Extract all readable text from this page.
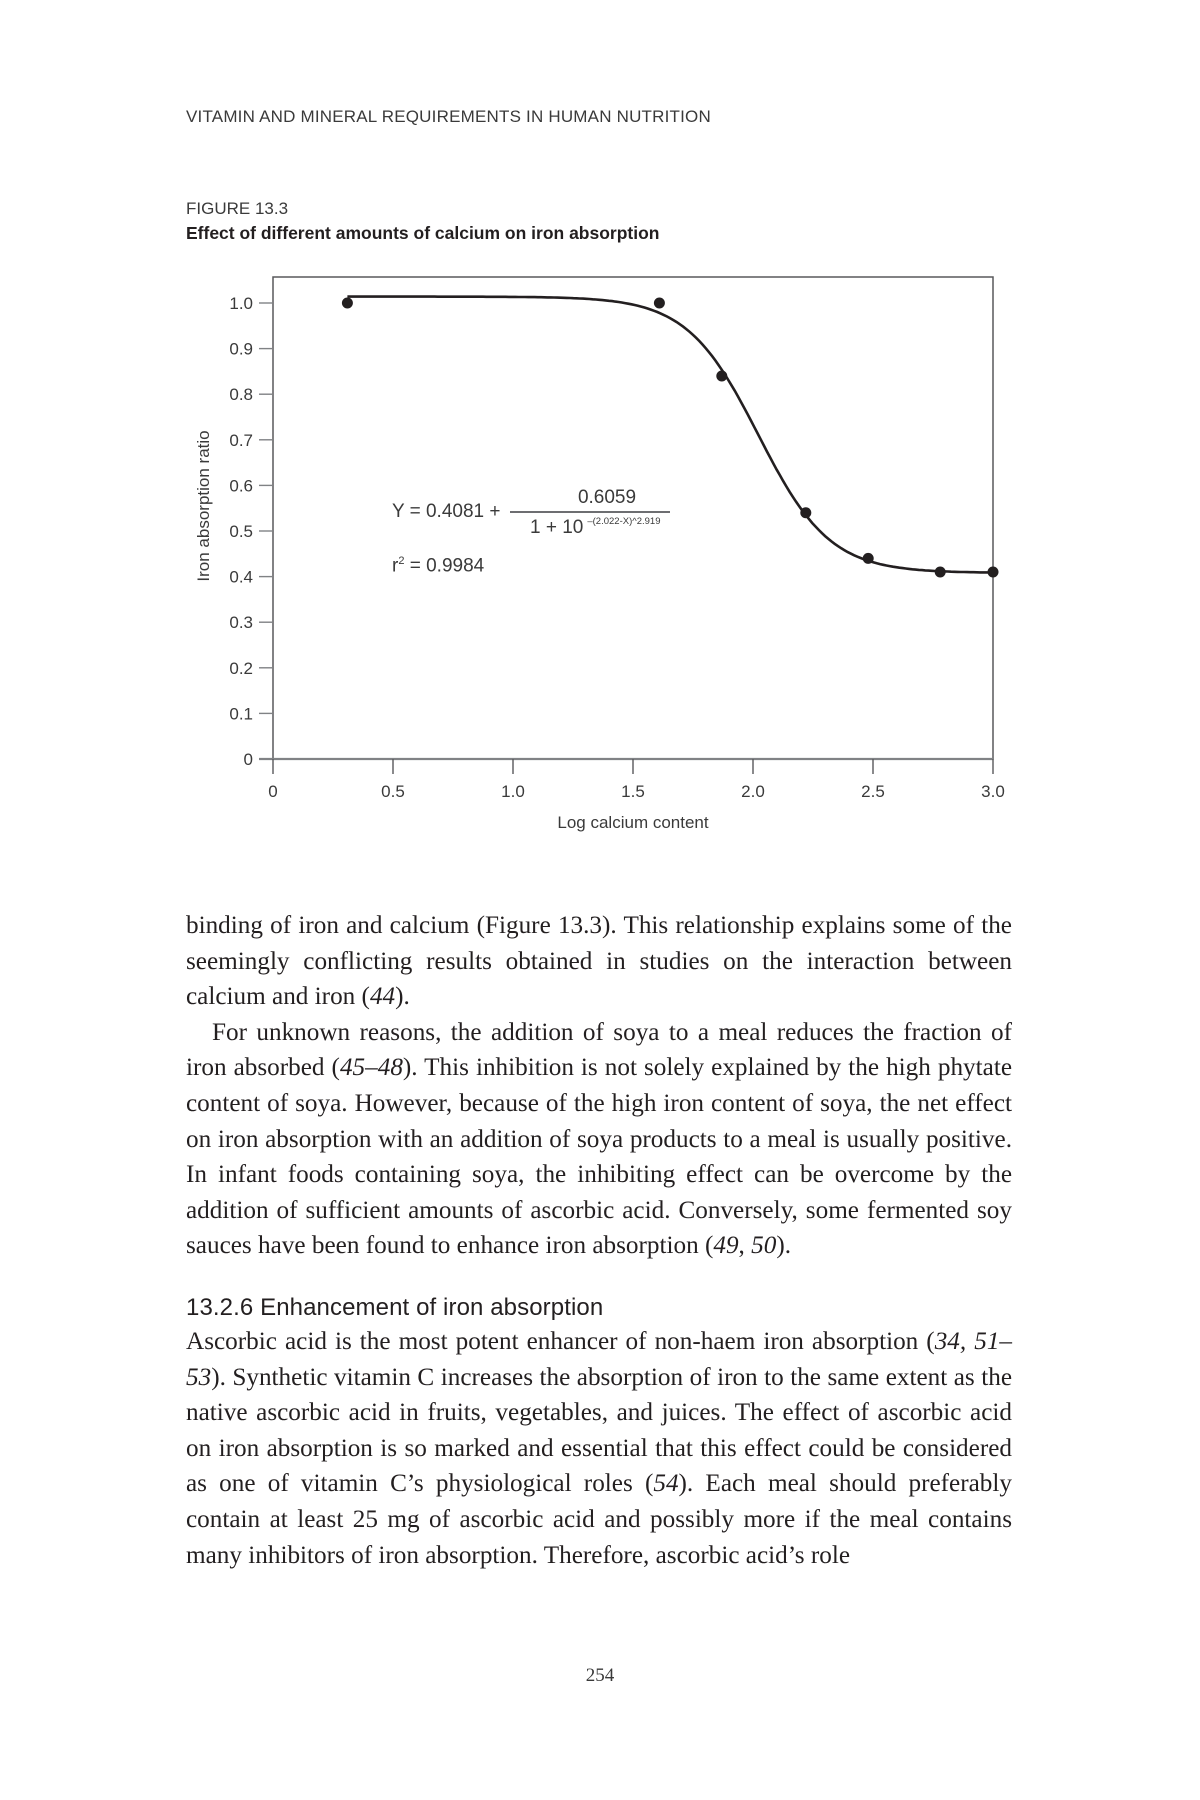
VITAMIN AND MINERAL REQUIREMENTS IN HUMAN NUTRITION
FIGURE 13.3
Effect of different amounts of calcium on iron absorption
0
0.1
0.2
0.3
0.4
0.5
0.6
0.7
0.8
0.9
1.0
0	0.5	1.0	1.5	2.0	2.5	3.0
Iron absorption ratio
Log calcium content
Y = 0.4081 +
0.6059
1 + 10 $^{-(2.022-X)\^{}2.919}$
$r^2 = 0.9984$

binding of iron and calcium (Figure 13.3). This relationship explains some of the seemingly conflicting results obtained in studies on the interaction between calcium and iron (44).

For unknown reasons, the addition of soya to a meal reduces the fraction of iron absorbed (45–48). This inhibition is not solely explained by the high phytate content of soya. However, because of the high iron content of soya, the net effect on iron absorption with an addition of soya products to a meal is usually positive. In infant foods containing soya, the inhibiting effect can be overcome by the addition of sufficient amounts of ascorbic acid. Conversely, some fermented soy sauces have been found to enhance iron absorption (49, 50).

13.2.6 Enhancement of iron absorption

Ascorbic acid is the most potent enhancer of non-haem iron absorption (34, 51–53). Synthetic vitamin C increases the absorption of iron to the same extent as the native ascorbic acid in fruits, vegetables, and juices. The effect of ascorbic acid on iron absorption is so marked and essential that this effect could be considered as one of vitamin C’s physiological roles (54). Each meal should preferably contain at least 25 mg of ascorbic acid and possibly more if the meal contains many inhibitors of iron absorption. Therefore, ascorbic acid’s role

254
